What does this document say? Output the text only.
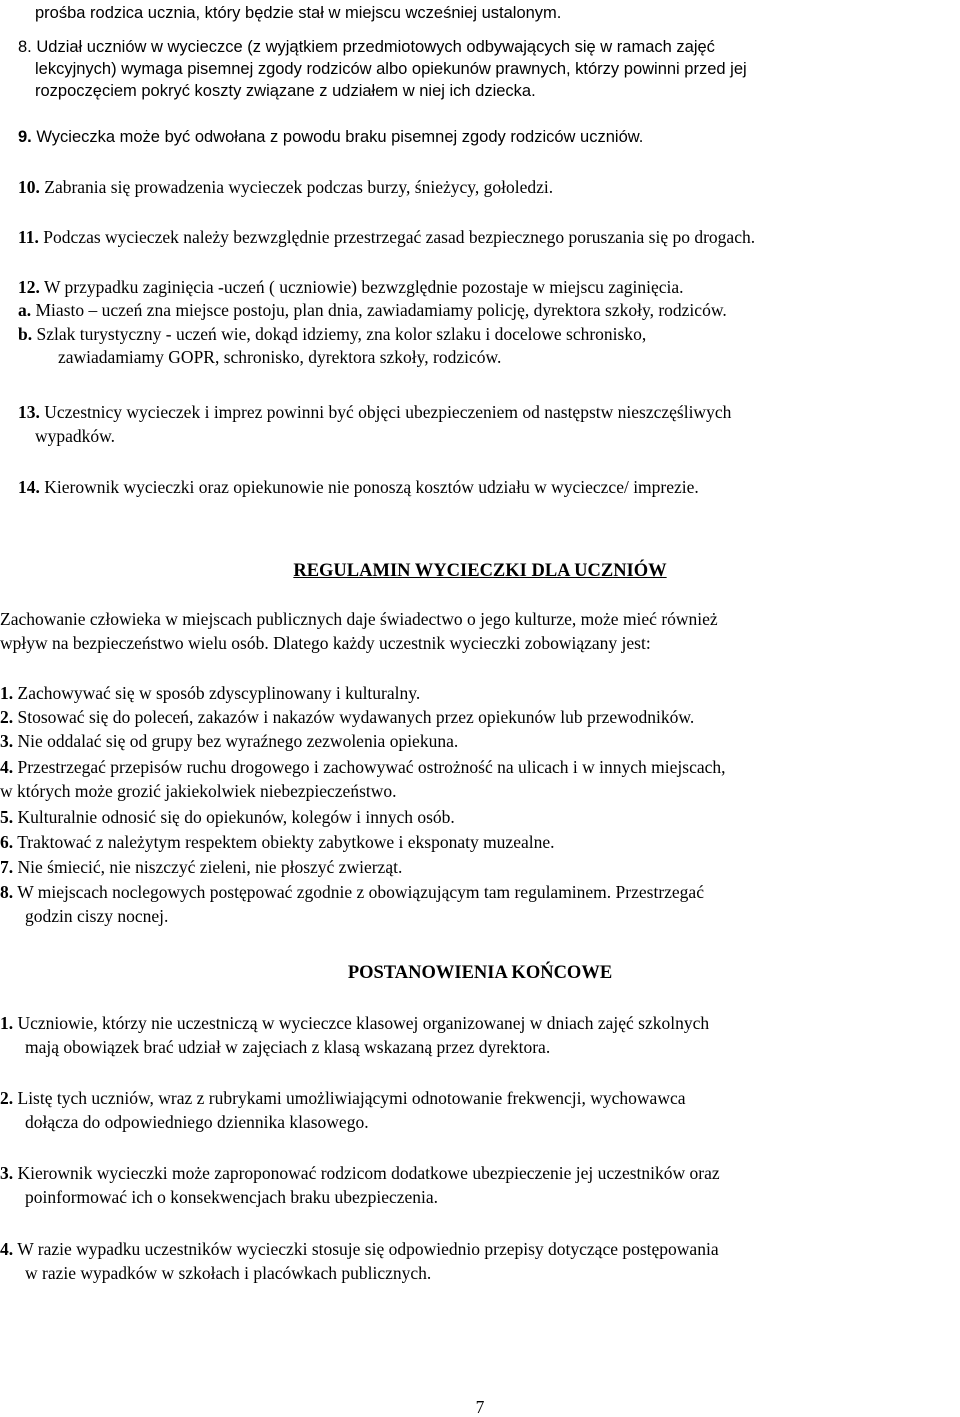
prośba rodzica ucznia, który będzie stał w miejscu wcześniej ustalonym.
8. Udział uczniów w wycieczce (z wyjątkiem przedmiotowych odbywających się w ramach zajęć
lekcyjnych) wymaga pisemnej zgody rodziców albo opiekunów prawnych, którzy powinni przed jej
rozpoczęciem pokryć koszty związane z udziałem w niej ich dziecka.
9. Wycieczka może być odwołana z powodu braku pisemnej zgody rodziców uczniów.
10. Zabrania się prowadzenia wycieczek podczas burzy, śnieżycy, gołoledzi.
11. Podczas wycieczek należy bezwzględnie przestrzegać zasad bezpiecznego poruszania się po drogach.
12. W przypadku zaginięcia -uczeń ( uczniowie) bezwzględnie pozostaje w miejscu zaginięcia.
a. Miasto – uczeń zna miejsce postoju, plan dnia, zawiadamiamy policję, dyrektora szkoły, rodziców.
b. Szlak turystyczny - uczeń wie, dokąd idziemy, zna kolor szlaku i docelowe schronisko,
zawiadamiamy GOPR, schronisko, dyrektora szkoły, rodziców.
13. Uczestnicy wycieczek i imprez powinni być objęci ubezpieczeniem od następstw nieszczęśliwych
wypadków.
14. Kierownik wycieczki oraz opiekunowie nie ponoszą kosztów udziału w wycieczce/ imprezie.
REGULAMIN WYCIECZKI DLA UCZNIÓW
Zachowanie człowieka w miejscach publicznych daje świadectwo o jego kulturze, może mieć również
wpływ na bezpieczeństwo wielu osób. Dlatego każdy uczestnik wycieczki zobowiązany jest:
1. Zachowywać się w sposób zdyscyplinowany i kulturalny.
2. Stosować się do poleceń, zakazów i nakazów wydawanych przez opiekunów lub przewodników.
3. Nie oddalać się od grupy bez wyraźnego zezwolenia opiekuna.
4. Przestrzegać przepisów ruchu drogowego i zachowywać ostrożność na ulicach i w innych miejscach,
w których może grozić jakiekolwiek niebezpieczeństwo.
5. Kulturalnie odnosić się do opiekunów, kolegów i innych osób.
6. Traktować z należytym respektem obiekty zabytkowe i eksponaty muzealne.
7. Nie śmiecić, nie niszczyć zieleni, nie płoszyć zwierząt.
8. W miejscach noclegowych postępować zgodnie z obowiązującym tam regulaminem. Przestrzegać
godzin ciszy nocnej.
POSTANOWIENIA KOŃCOWE
1. Uczniowie, którzy nie uczestniczą w wycieczce klasowej organizowanej w dniach zajęć szkolnych
mają obowiązek brać udział w zajęciach z klasą wskazaną przez dyrektora.
2. Listę tych uczniów, wraz z rubrykami umożliwiającymi odnotowanie frekwencji, wychowawca
dołącza do odpowiedniego dziennika klasowego.
3. Kierownik wycieczki może zaproponować rodzicom dodatkowe ubezpieczenie jej uczestników oraz
poinformować ich o konsekwencjach braku ubezpieczenia.
4. W razie wypadku uczestników wycieczki stosuje się odpowiednio przepisy dotyczące postępowania
w razie wypadków w szkołach i placówkach publicznych.
7
